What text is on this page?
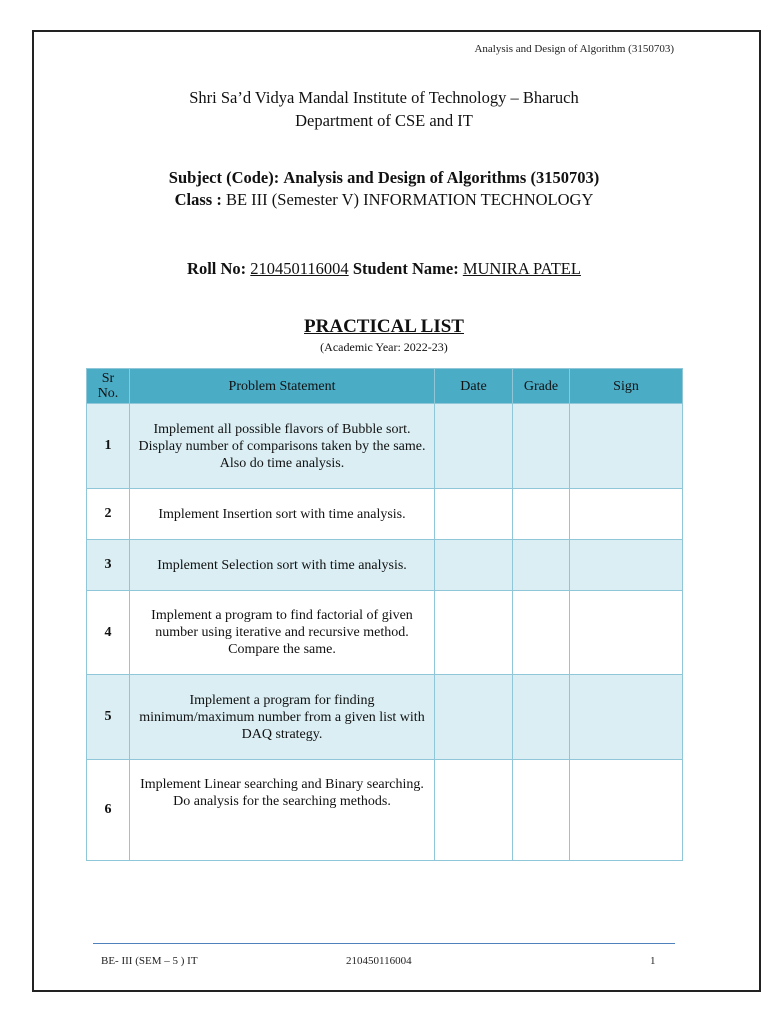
Analysis and Design of Algorithm (3150703)
Shri Sa’d Vidya Mandal Institute of Technology – Bharuch
Department of CSE and IT
Subject (Code): Analysis and Design of Algorithms (3150703)
Class : BE III (Semester V) INFORMATION TECHNOLOGY
Roll No: 210450116004 Student Name: MUNIRA PATEL
PRACTICAL LIST
(Academic Year: 2022-23)
Sr No.	Problem Statement	Date	Grade	Sign
1	Implement all possible flavors of Bubble sort. Display number of comparisons taken by the same. Also do time analysis.			
2	Implement Insertion sort with time analysis.			
3	Implement Selection sort with time analysis.			
4	Implement a program to find factorial of given number using iterative and recursive method. Compare the same.			
5	Implement a program for finding minimum/maximum number from a given list with DAQ strategy.			
6	Implement Linear searching and Binary searching. Do analysis for the searching methods.			
BE- III (SEM – 5 ) IT	210450116004	1
